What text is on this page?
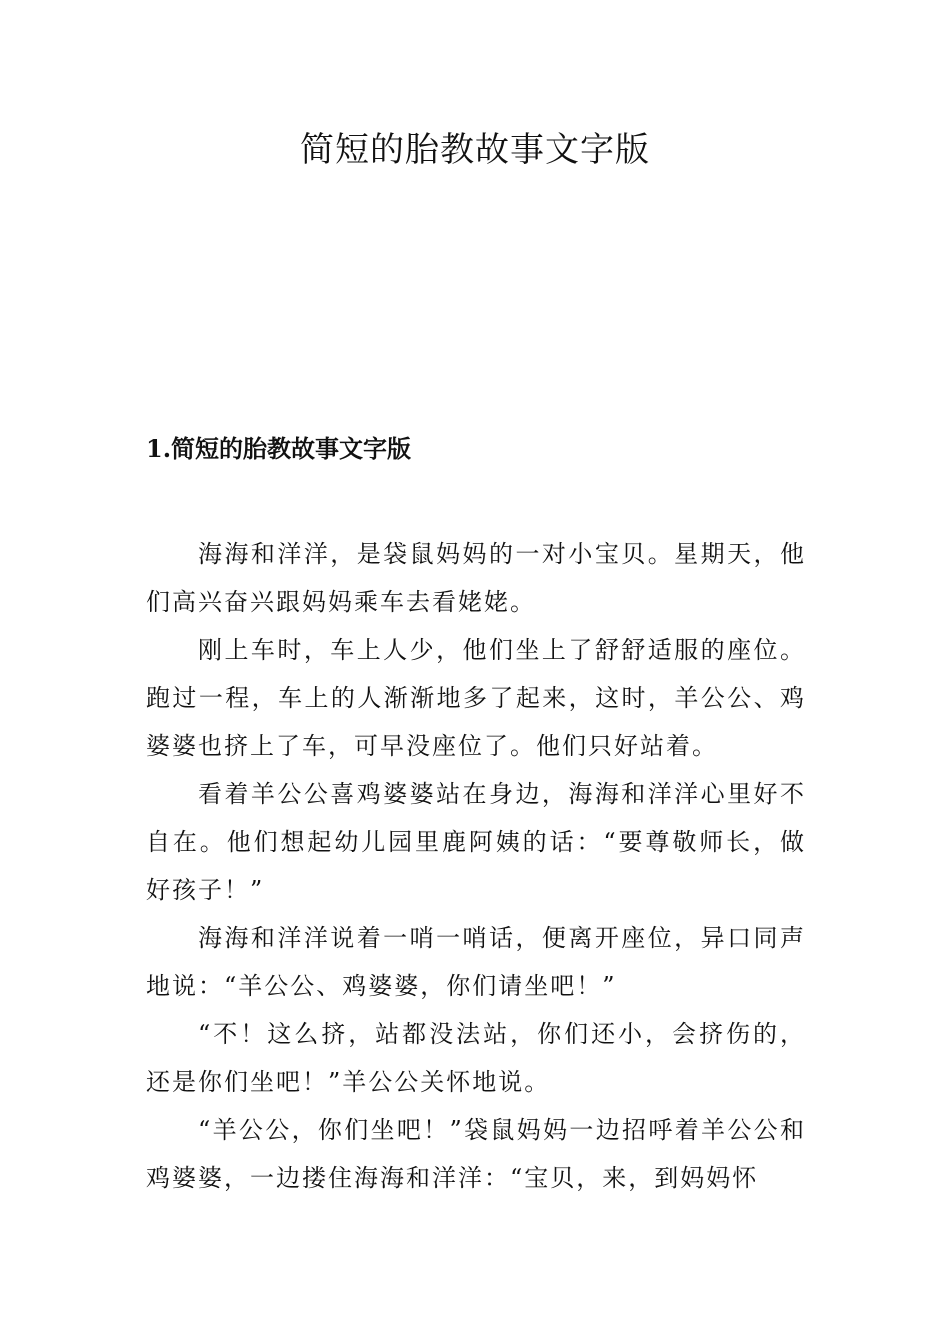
简短的胎教故事文字版
1.简短的胎教故事文字版

海海和洋洋，是袋鼠妈妈的一对小宝贝。星期天，他们高兴奋兴跟妈妈乘车去看姥姥。

刚上车时，车上人少，他们坐上了舒舒适服的座位。跑过一程，车上的人渐渐地多了起来，这时，羊公公、鸡婆婆也挤上了车，可早没座位了。他们只好站着。

看着羊公公喜鸡婆婆站在身边，海海和洋洋心里好不自在。他们想起幼儿园里鹿阿姨的话：“要尊敬师长，做好孩子！”

海海和洋洋说着一哨一哨话，便离开座位，异口同声地说：“羊公公、鸡婆婆，你们请坐吧！”

“不！这么挤，站都没法站，你们还小，会挤伤的，还是你们坐吧！”羊公公关怀地说。

“羊公公，你们坐吧！”袋鼠妈妈一边招呼着羊公公和鸡婆婆，一边搂住海海和洋洋：“宝贝，来，到妈妈怀
